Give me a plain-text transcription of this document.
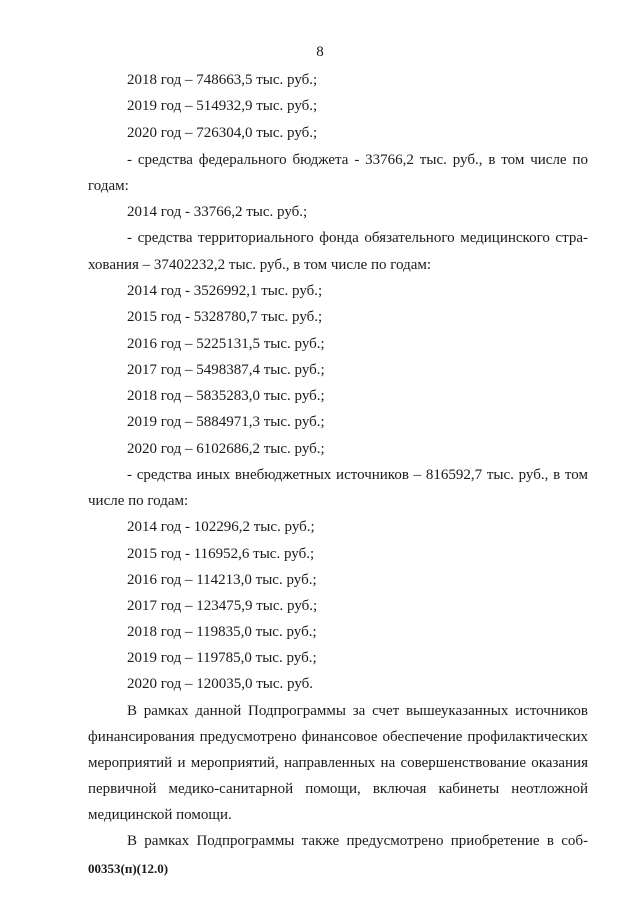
8
2018 год – 748663,5 тыс. руб.;
2019 год – 514932,9 тыс. руб.;
2020 год – 726304,0 тыс. руб.;
- средства федерального бюджета - 33766,2 тыс. руб., в том числе по
годам:
2014 год - 33766,2 тыс. руб.;
- средства территориального фонда обязательного медицинского стра-
хования – 37402232,2 тыс. руб., в том числе по годам:
2014 год - 3526992,1 тыс. руб.;
2015 год - 5328780,7 тыс. руб.;
2016 год – 5225131,5 тыс. руб.;
2017 год – 5498387,4 тыс. руб.;
2018 год – 5835283,0 тыс. руб.;
2019 год – 5884971,3 тыс. руб.;
2020 год – 6102686,2 тыс. руб.;
- средства иных внебюджетных источников – 816592,7 тыс. руб., в том
числе по годам:
2014 год - 102296,2 тыс. руб.;
2015 год - 116952,6 тыс. руб.;
2016 год – 114213,0 тыс. руб.;
2017 год – 123475,9 тыс. руб.;
2018 год – 119835,0 тыс. руб.;
2019 год – 119785,0 тыс. руб.;
2020 год – 120035,0 тыс. руб.
В рамках данной Подпрограммы за счет вышеуказанных источников
финансирования предусмотрено финансовое обеспечение профилактических
мероприятий и мероприятий, направленных на совершенствование оказания
первичной медико-санитарной помощи, включая кабинеты неотложной
медицинской помощи.
В рамках Подпрограммы также предусмотрено приобретение в соб-
00353(п)(12.0)
